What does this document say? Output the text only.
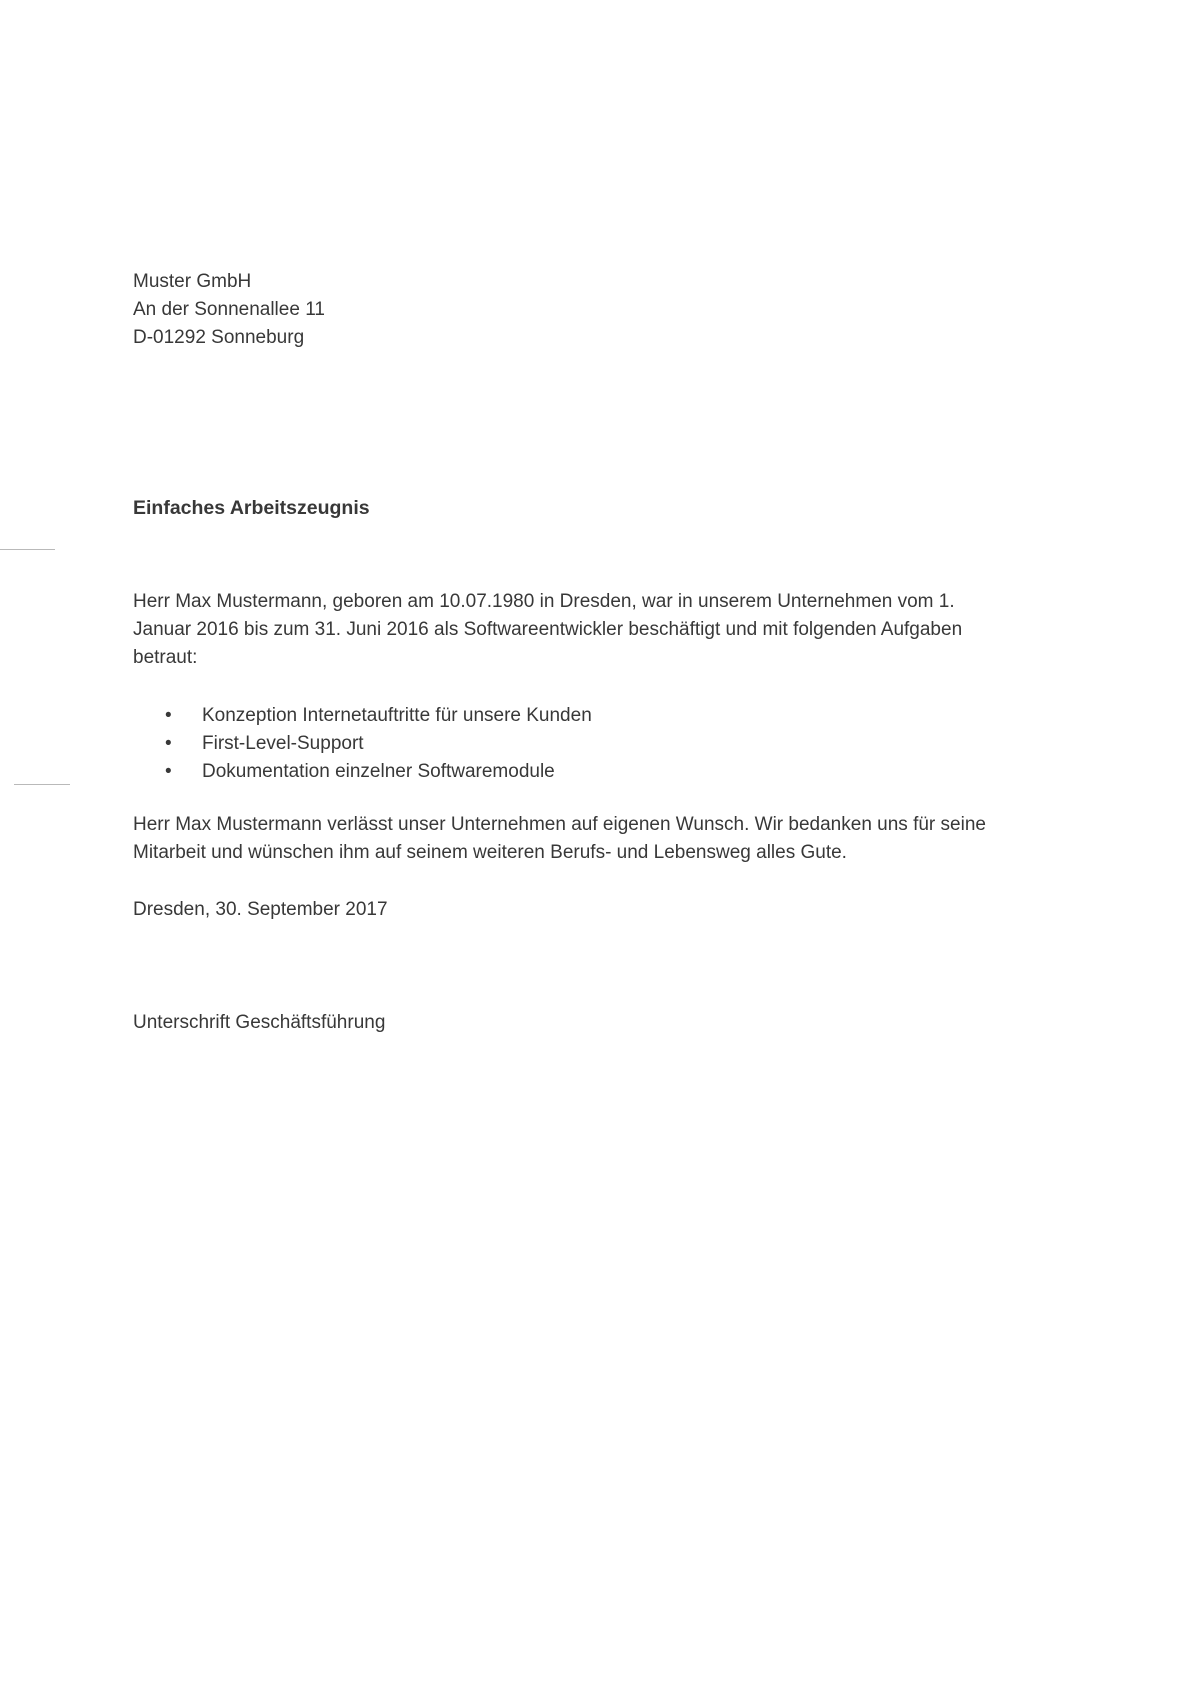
Muster GmbH
An der Sonnenallee 11
D-01292 Sonneburg
Einfaches Arbeitszeugnis

Herr Max Mustermann, geboren am 10.07.1980 in Dresden, war in unserem Unternehmen vom 1. Januar 2016 bis zum 31. Juni 2016 als Softwareentwickler beschäftigt und mit folgenden Aufgaben betraut:

• Konzeption Internetauftritte für unsere Kunden
• First-Level-Support
• Dokumentation einzelner Softwaremodule

Herr Max Mustermann verlässt unser Unternehmen auf eigenen Wunsch. Wir bedanken uns für seine Mitarbeit und wünschen ihm auf seinem weiteren Berufs- und Lebensweg alles Gute.

Dresden, 30. September 2017
Unterschrift Geschäftsführung
